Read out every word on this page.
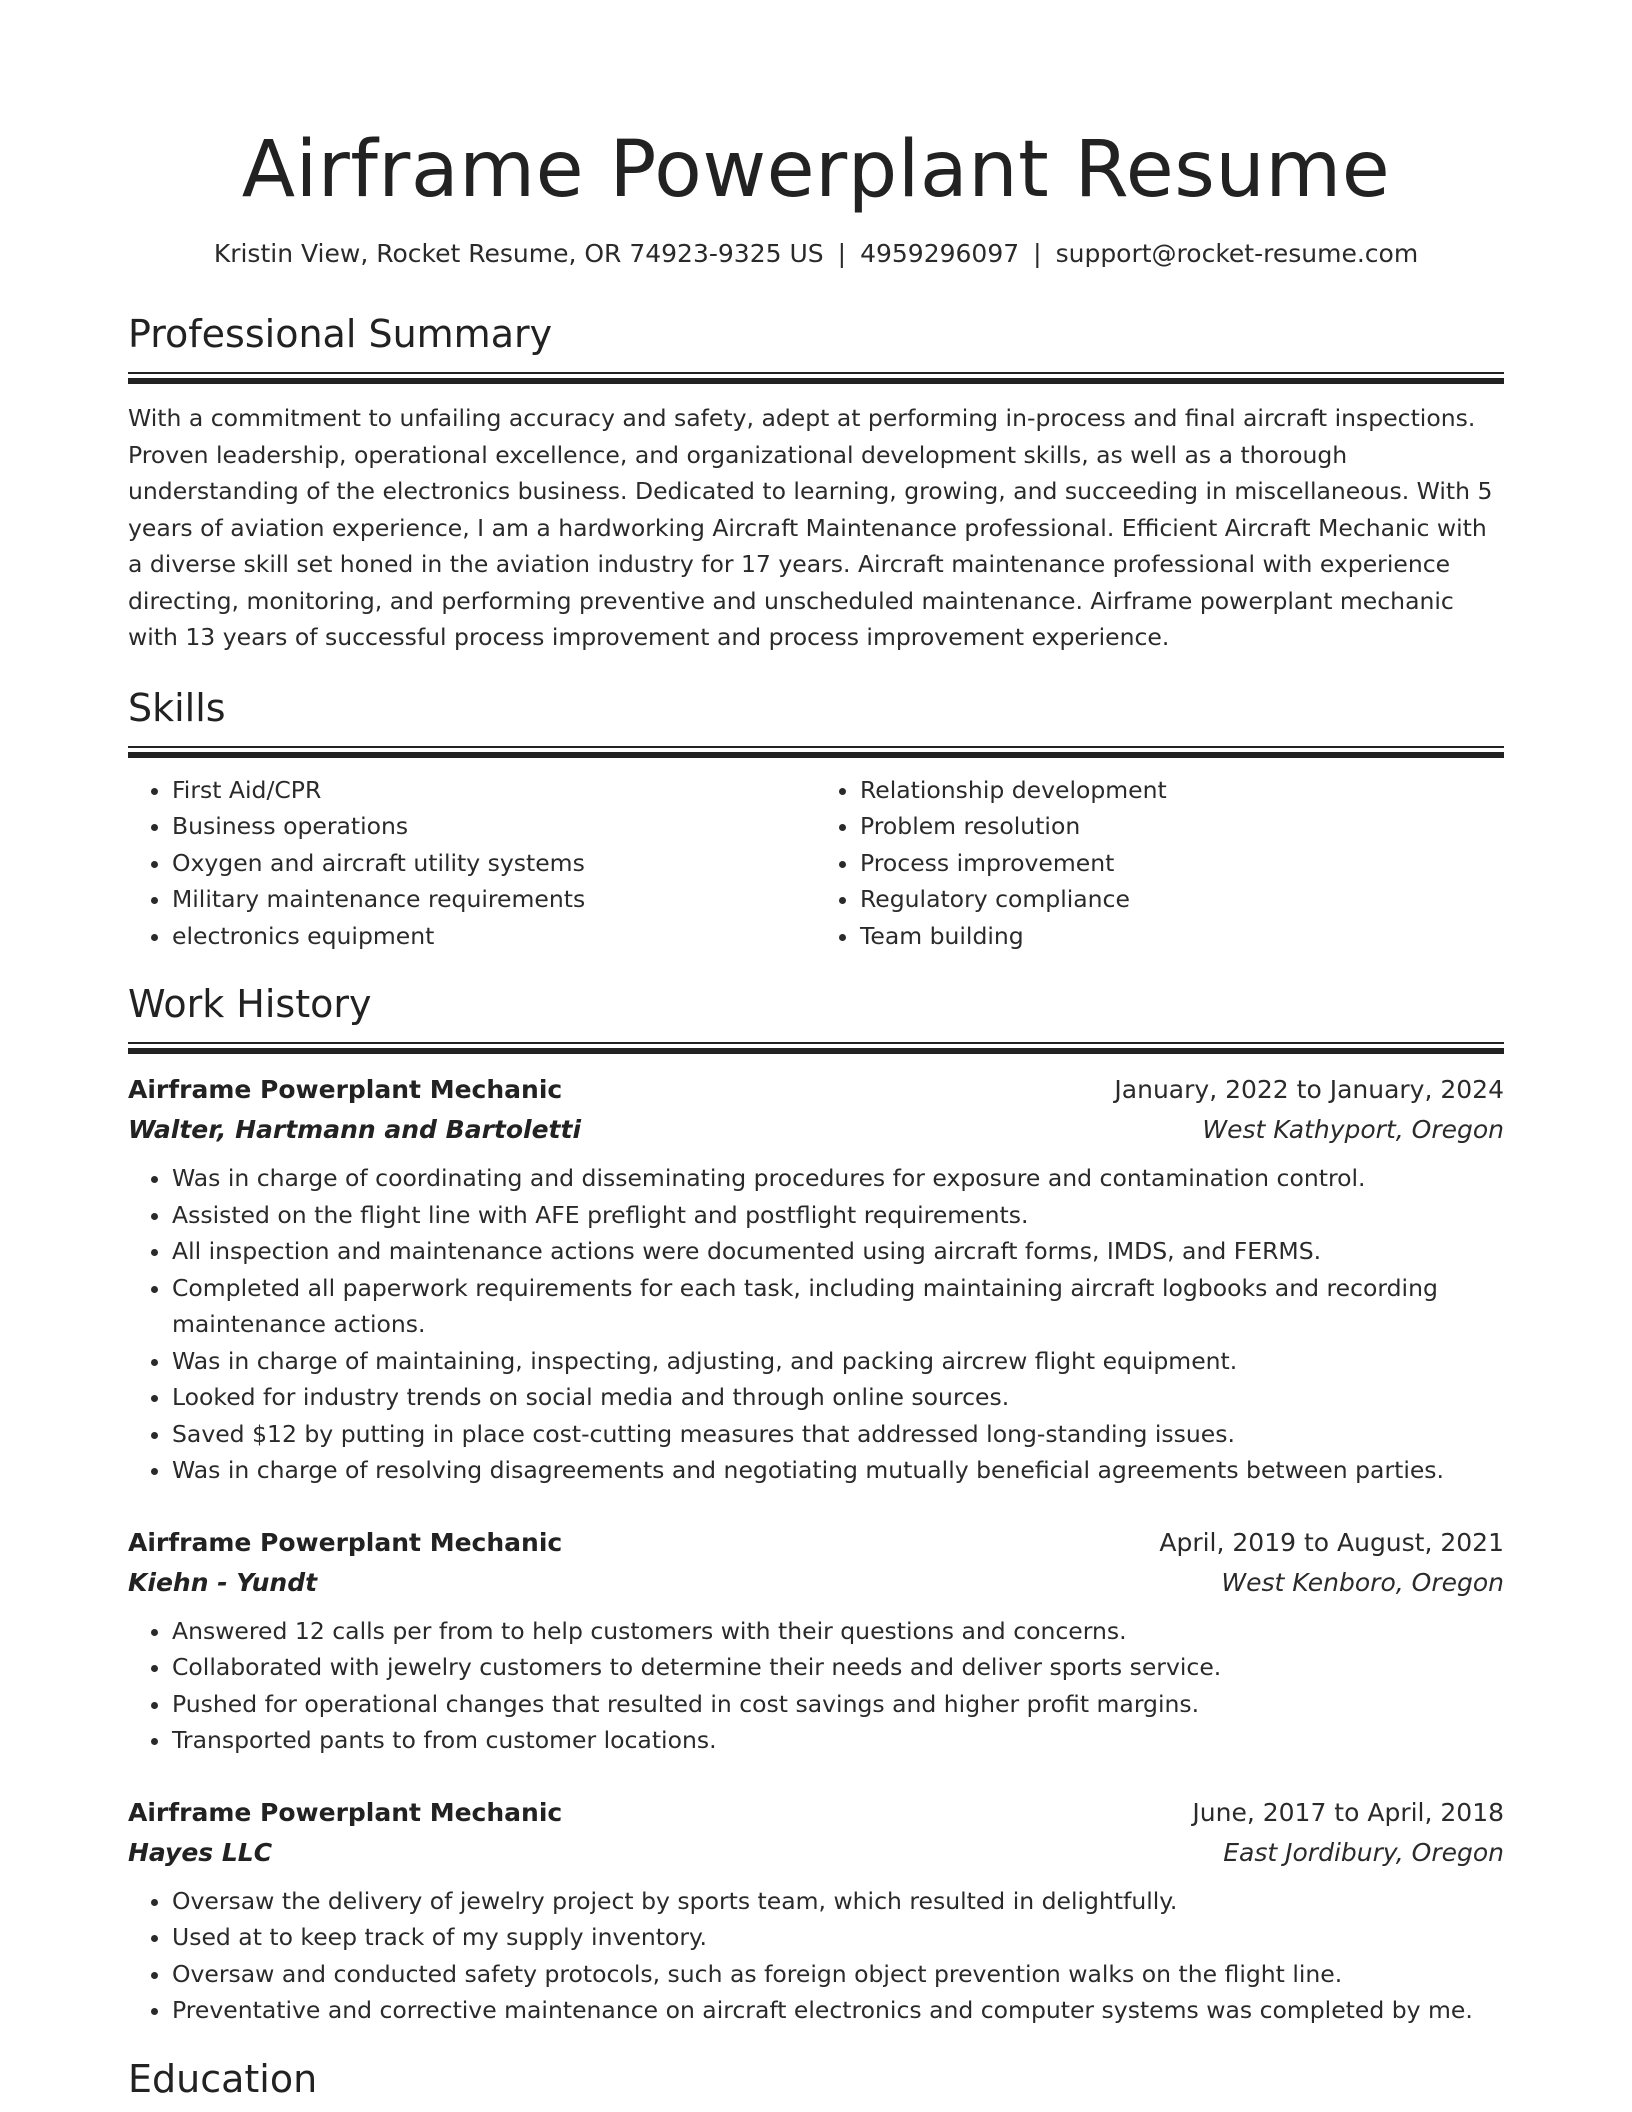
Airframe Powerplant Resume
Kristin View, Rocket Resume, OR 74923-9325 US | 4959296097 | support@rocket-resume.com
Professional Summary

With a commitment to unfailing accuracy and safety, adept at performing in-process and final aircraft inspections. Proven leadership, operational excellence, and organizational development skills, as well as a thorough understanding of the electronics business. Dedicated to learning, growing, and succeeding in miscellaneous. With 5 years of aviation experience, I am a hardworking Aircraft Maintenance professional. Efficient Aircraft Mechanic with a diverse skill set honed in the aviation industry for 17 years. Aircraft maintenance professional with experience directing, monitoring, and performing preventive and unscheduled maintenance. Airframe powerplant mechanic with 13 years of successful process improvement and process improvement experience.

Skills
• First Aid/CPR
• Business operations
• Oxygen and aircraft utility systems
• Military maintenance requirements
• electronics equipment
• Relationship development
• Problem resolution
• Process improvement
• Regulatory compliance
• Team building
Work History
Airframe Powerplant Mechanic	January, 2022 to January, 2024
Walter, Hartmann and Bartoletti	West Kathyport, Oregon
• Was in charge of coordinating and disseminating procedures for exposure and contamination control.
• Assisted on the flight line with AFE preflight and postflight requirements.
• All inspection and maintenance actions were documented using aircraft forms, IMDS, and FERMS.
• Completed all paperwork requirements for each task, including maintaining aircraft logbooks and recording maintenance actions.
• Was in charge of maintaining, inspecting, adjusting, and packing aircrew flight equipment.
• Looked for industry trends on social media and through online sources.
• Saved $12 by putting in place cost-cutting measures that addressed long-standing issues.
• Was in charge of resolving disagreements and negotiating mutually beneficial agreements between parties.
Airframe Powerplant Mechanic	April, 2019 to August, 2021
Kiehn - Yundt	West Kenboro, Oregon
• Answered 12 calls per from to help customers with their questions and concerns.
• Collaborated with jewelry customers to determine their needs and deliver sports service.
• Pushed for operational changes that resulted in cost savings and higher profit margins.
• Transported pants to from customer locations.
Airframe Powerplant Mechanic	June, 2017 to April, 2018
Hayes LLC	East Jordibury, Oregon
• Oversaw the delivery of jewelry project by sports team, which resulted in delightfully.
• Used at to keep track of my supply inventory.
• Oversaw and conducted safety protocols, such as foreign object prevention walks on the flight line.
• Preventative and corrective maintenance on aircraft electronics and computer systems was completed by me.
Education
